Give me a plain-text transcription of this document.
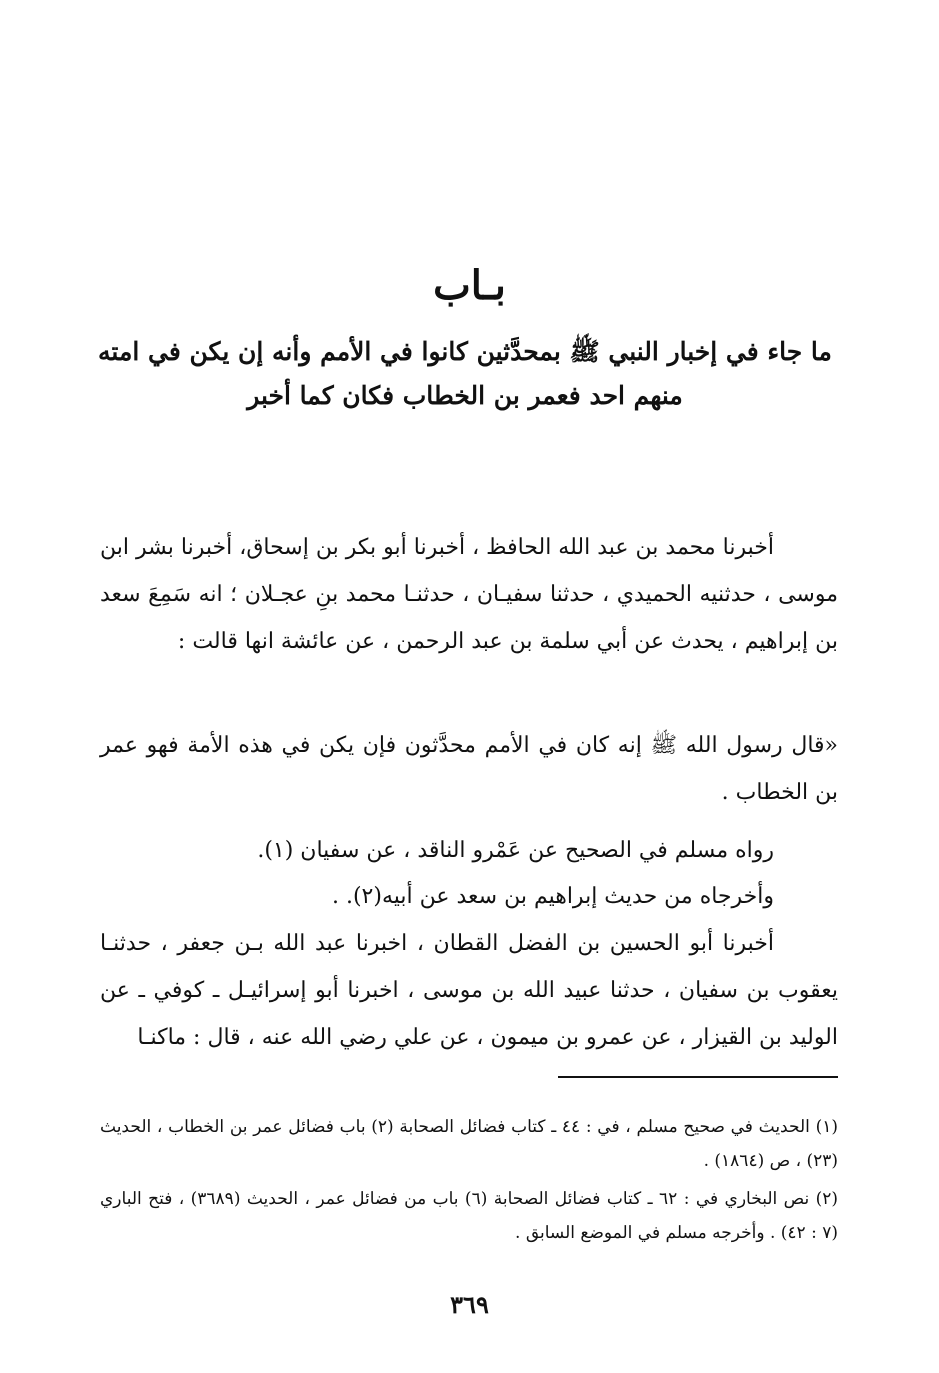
بـاب
ما جاء في إخبار النبي ﷺ بمحدَّثين كانوا في الأمم وأنه إن يكن في امته منهم احد فعمر بن الخطاب فكان كما أخبر
أخبرنا محمد بن عبد الله الحافظ ، أخبرنا أبو بكر بن إسحاق، أخبرنا بشر ابن موسى ، حدثنيه الحميدي ، حدثنا سفيـان ، حدثنـا محمد بنِ عجـلان ؛ انه سَمِعَ سعد بن إبراهيم ، يحدث عن أبي سلمة بن عبد الرحمن ، عن عائشة انها قالت :
«قال رسول الله ﷺ إنه كان في الأمم محدَّثون فإن يكن في هذه الأمة فهو عمر بن الخطاب .
رواه مسلم في الصحيح عن عَمْرو الناقد ، عن سفيان (١).
وأخرجاه من حديث إبراهيم بن سعد عن أبيه(٢). .
أخبرنا أبو الحسين بن الفضل القطان ، اخبرنا عبد الله بـن جعفر ، حدثنـا يعقوب بن سفيان ، حدثنا عبيد الله بن موسى ، اخبرنا أبو إسرائيـل ـ كوفي ـ عن الوليد بن القيزار ، عن عمرو بن ميمون ، عن علي رضي الله عنه ، قال : ماكنـا
(١) الحديث في صحيح مسلم ، في : ٤٤ ـ كتاب فضائل الصحابة (٢) باب فضائل عمر بن الخطاب ، الحديث (٢٣) ، ص (١٨٦٤) .
(٢) نص البخاري في : ٦٢ ـ كتاب فضائل الصحابة (٦) باب من فضائل عمر ، الحديث (٣٦٨٩) ، فتح الباري (٧ : ٤٢) . وأخرجه مسلم في الموضع السابق .
٣٦٩
